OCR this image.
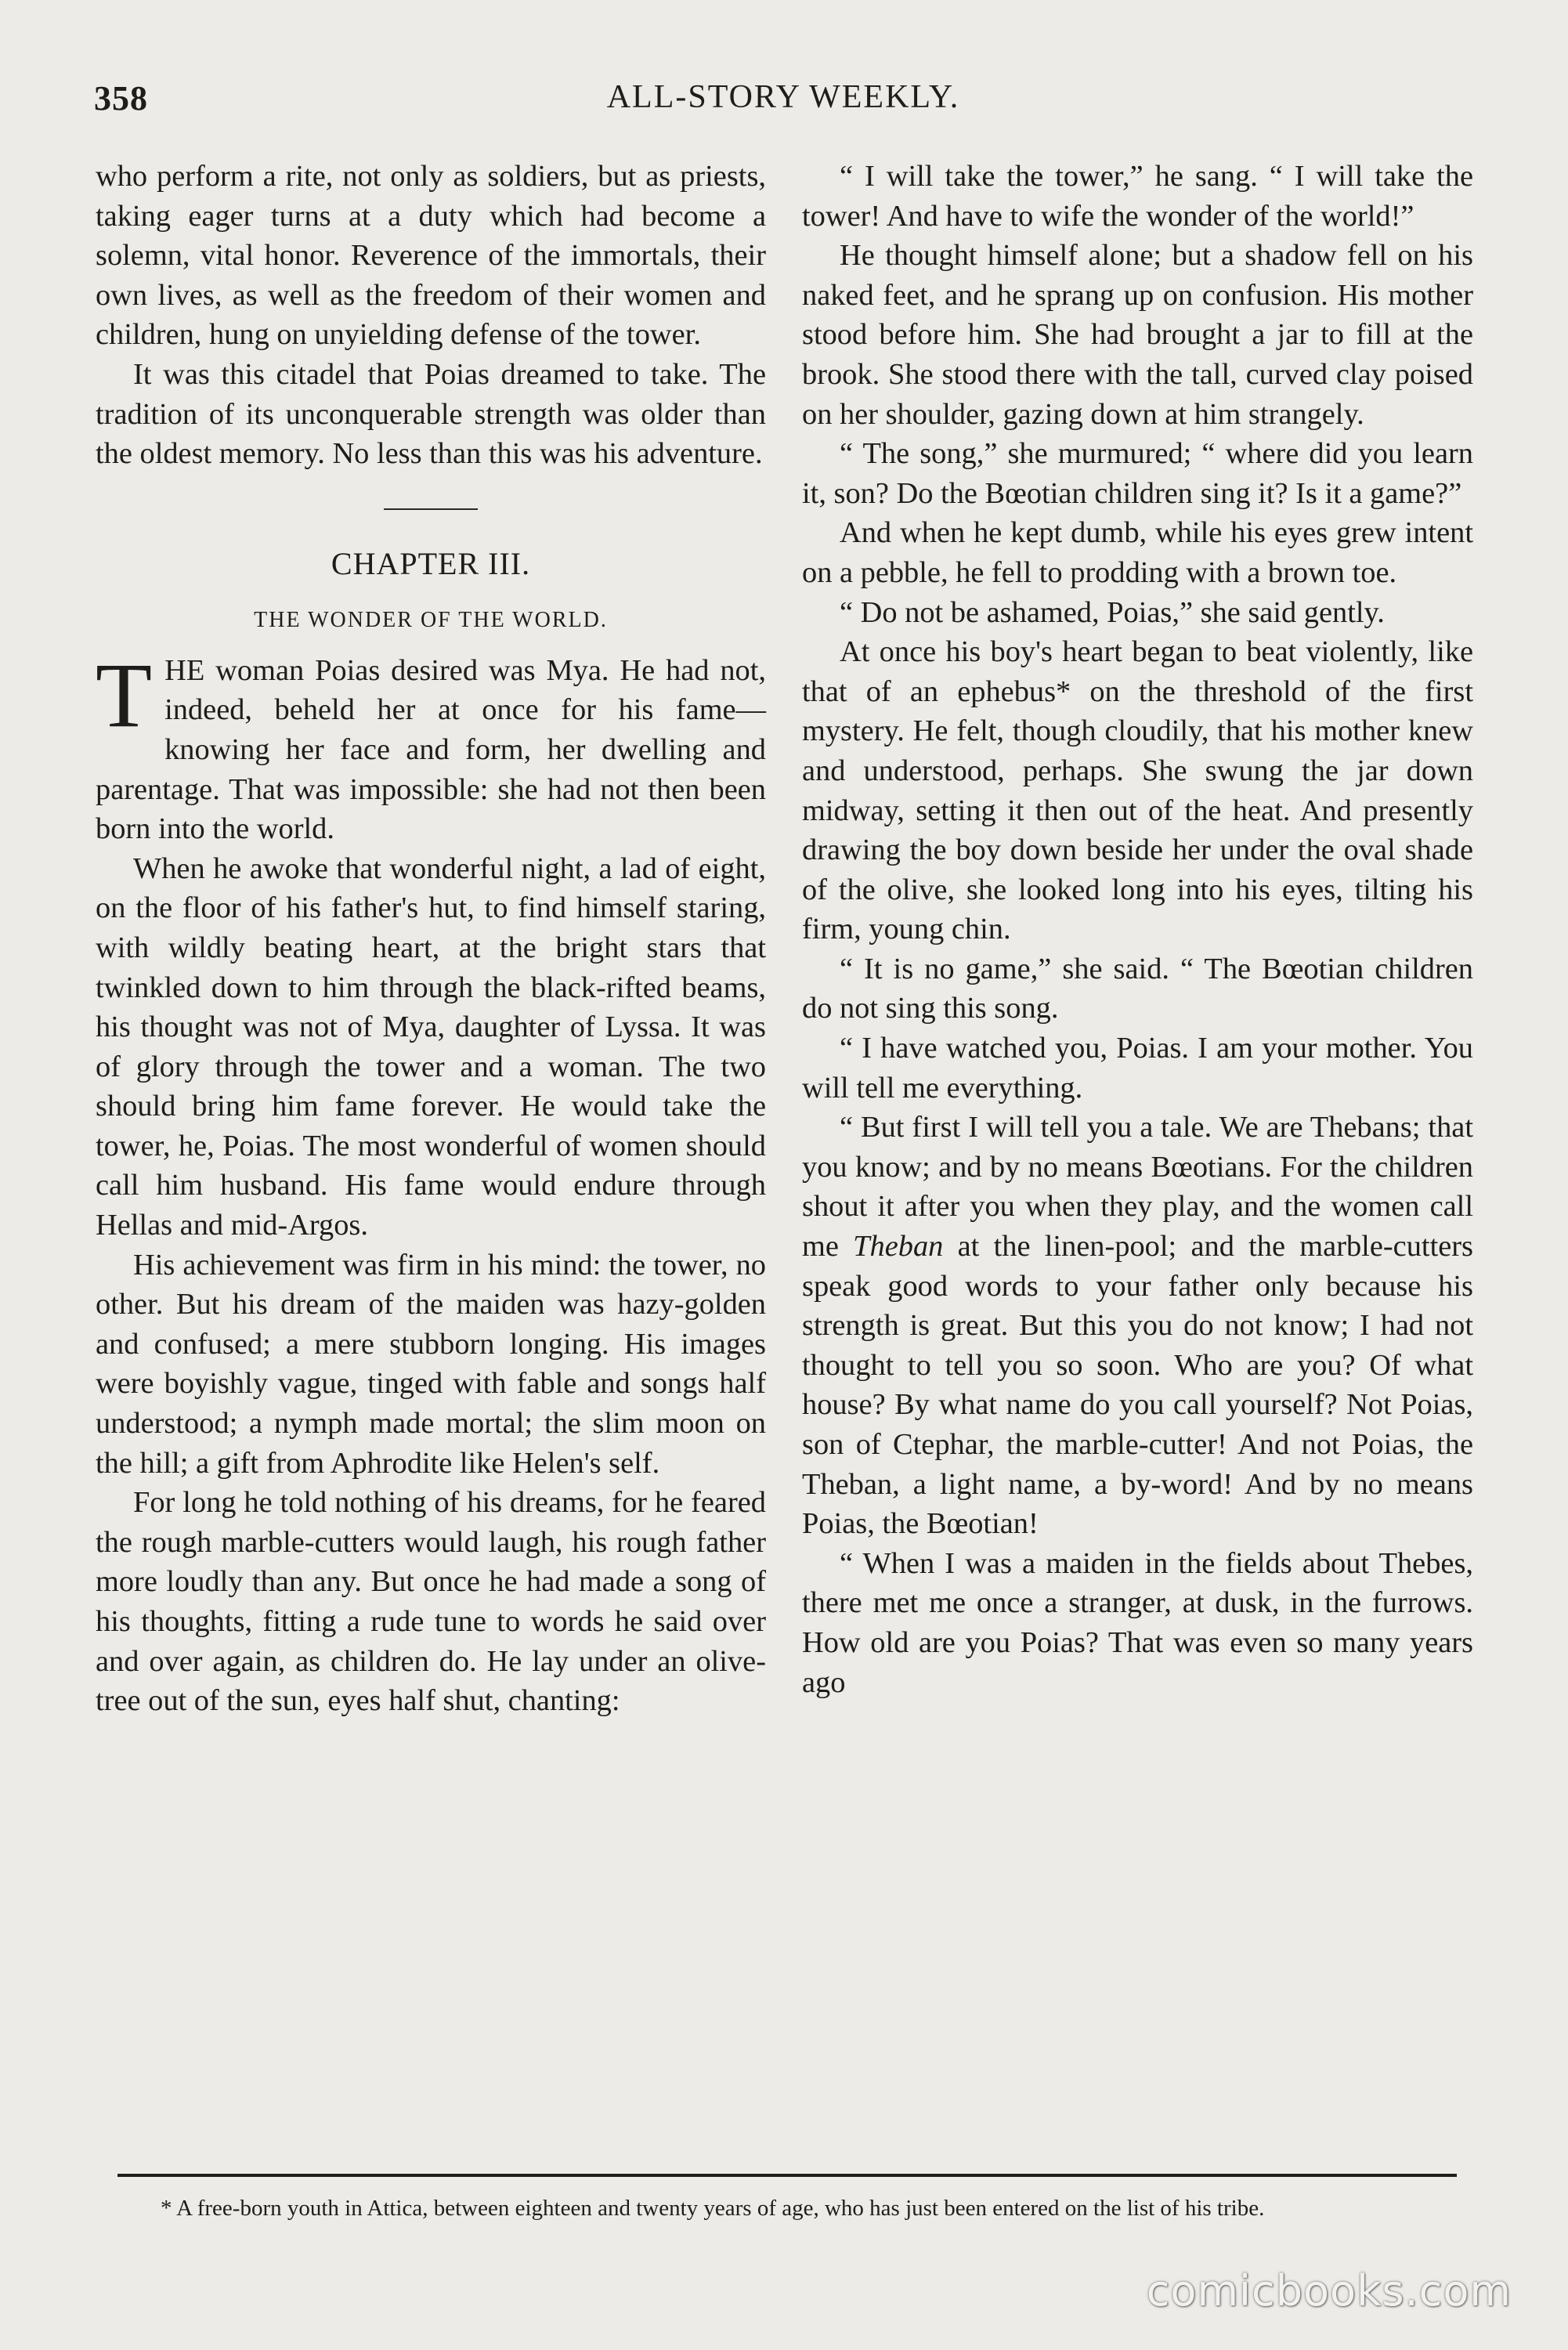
358	ALL-STORY WEEKLY.

who perform a rite, not only as soldiers, but as priests, taking eager turns at a duty which had become a solemn, vital honor. Reverence of the immortals, their own lives, as well as the freedom of their women and children, hung on unyielding defense of the tower.

It was this citadel that Poias dreamed to take. The tradition of its unconquerable strength was older than the oldest memory. No less than this was his adventure.

CHAPTER III.
THE WONDER OF THE WORLD.

THE woman Poias desired was Mya. He had not, indeed, beheld her at once for his fame—knowing her face and form, her dwelling and parentage. That was impossible: she had not then been born into the world.

When he awoke that wonderful night, a lad of eight, on the floor of his father's hut, to find himself staring, with wildly beating heart, at the bright stars that twinkled down to him through the black-rifted beams, his thought was not of Mya, daughter of Lyssa. It was of glory through the tower and a woman. The two should bring him fame forever. He would take the tower, he, Poias. The most wonderful of women should call him husband. His fame would endure through Hellas and mid-Argos.

His achievement was firm in his mind: the tower, no other. But his dream of the maiden was hazy-golden and confused; a mere stubborn longing. His images were boyishly vague, tinged with fable and songs half understood; a nymph made mortal; the slim moon on the hill; a gift from Aphrodite like Helen's self.

For long he told nothing of his dreams, for he feared the rough marble-cutters would laugh, his rough father more loudly than any. But once he had made a song of his thoughts, fitting a rude tune to words he said over and over again, as children do. He lay under an olive-tree out of the sun, eyes half shut, chanting:

“ I will take the tower,” he sang. “ I will take the tower! And have to wife the wonder of the world!”

He thought himself alone; but a shadow fell on his naked feet, and he sprang up on confusion. His mother stood before him. She had brought a jar to fill at the brook. She stood there with the tall, curved clay poised on her shoulder, gazing down at him strangely.

“ The song,” she murmured; “ where did you learn it, son? Do the Bœotian children sing it? Is it a game?”

And when he kept dumb, while his eyes grew intent on a pebble, he fell to prodding with a brown toe.

“ Do not be ashamed, Poias,” she said gently.

At once his boy's heart began to beat violently, like that of an ephebus* on the threshold of the first mystery. He felt, though cloudily, that his mother knew and understood, perhaps. She swung the jar down midway, setting it then out of the heat. And presently drawing the boy down beside her under the oval shade of the olive, she looked long into his eyes, tilting his firm, young chin.

“ It is no game,” she said. “ The Bœotian children do not sing this song.

“ I have watched you, Poias. I am your mother. You will tell me everything.

“ But first I will tell you a tale. We are Thebans; that you know; and by no means Bœotians. For the children shout it after you when they play, and the women call me Theban at the linen-pool; and the marble-cutters speak good words to your father only because his strength is great. But this you do not know; I had not thought to tell you so soon. Who are you? Of what house? By what name do you call yourself? Not Poias, son of Ctephar, the marble-cutter! And not Poias, the Theban, a light name, a by-word! And by no means Poias, the Bœotian!

“ When I was a maiden in the fields about Thebes, there met me once a stranger, at dusk, in the furrows. How old are you Poias? That was even so many years ago

* A free-born youth in Attica, between eighteen and twenty years of age, who has just been entered on the list of his tribe.

comicbooks.com
